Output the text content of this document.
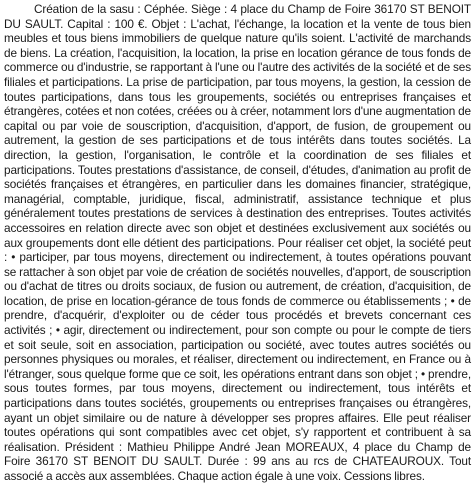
Création de la sasu : Céphée. Siège : 4 place du Champ de Foire 36170 ST BENOIT DU SAULT. Capital : 100 €. Objet : L'achat, l'échange, la location et la vente de tous bien meubles et tous biens immobiliers de quelque nature qu'ils soient. L'activité de marchands de biens. La création, l'acquisition, la location, la prise en location gérance de tous fonds de commerce ou d'industrie, se rapportant à l'une ou l'autre des activités de la société et de ses filiales et participations. La prise de participation, par tous moyens, la gestion, la cession de toutes participations, dans tous les groupements, sociétés ou entreprises françaises et étrangères, cotées et non cotées, créées ou à créer, notamment lors d'une augmentation de capital ou par voie de souscription, d'acquisition, d'apport, de fusion, de groupement ou autrement, la gestion de ses participations et de tous intérêts dans toutes sociétés. La direction, la gestion, l'organisation, le contrôle et la coordination de ses filiales et participations. Toutes prestations d'assistance, de conseil, d'études, d'animation au profit de sociétés françaises et étrangères, en particulier dans les domaines financier, stratégique, managérial, comptable, juridique, fiscal, administratif, assistance technique et plus généralement toutes prestations de services à destination des entreprises. Toutes activités accessoires en relation directe avec son objet et destinées exclusivement aux sociétés ou aux groupements dont elle détient des participations. Pour réaliser cet objet, la société peut : • participer, par tous moyens, directement ou indirectement, à toutes opérations pouvant se rattacher à son objet par voie de création de sociétés nouvelles, d'apport, de souscription ou d'achat de titres ou droits sociaux, de fusion ou autrement, de création, d'acquisition, de location, de prise en location-gérance de tous fonds de commerce ou établissements ; • de prendre, d'acquérir, d'exploiter ou de céder tous procédés et brevets concernant ces activités ; • agir, directement ou indirectement, pour son compte ou pour le compte de tiers et soit seule, soit en association, participation ou société, avec toutes autres sociétés ou personnes physiques ou morales, et réaliser, directement ou indirectement, en France ou à l'étranger, sous quelque forme que ce soit, les opérations entrant dans son objet ; • prendre, sous toutes formes, par tous moyens, directement ou indirectement, tous intérêts et participations dans toutes sociétés, groupements ou entreprises françaises ou étrangères, ayant un objet similaire ou de nature à développer ses propres affaires. Elle peut réaliser toutes opérations qui sont compatibles avec cet objet, s'y rapportent et contribuent à sa réalisation. Président : Mathieu Philippe André Jean MOREAUX, 4 place du Champ de Foire 36170 ST BENOIT DU SAULT. Durée : 99 ans au rcs de CHATEAUROUX. Tout associé a accès aux assemblées. Chaque action égale à une voix. Cessions libres.
